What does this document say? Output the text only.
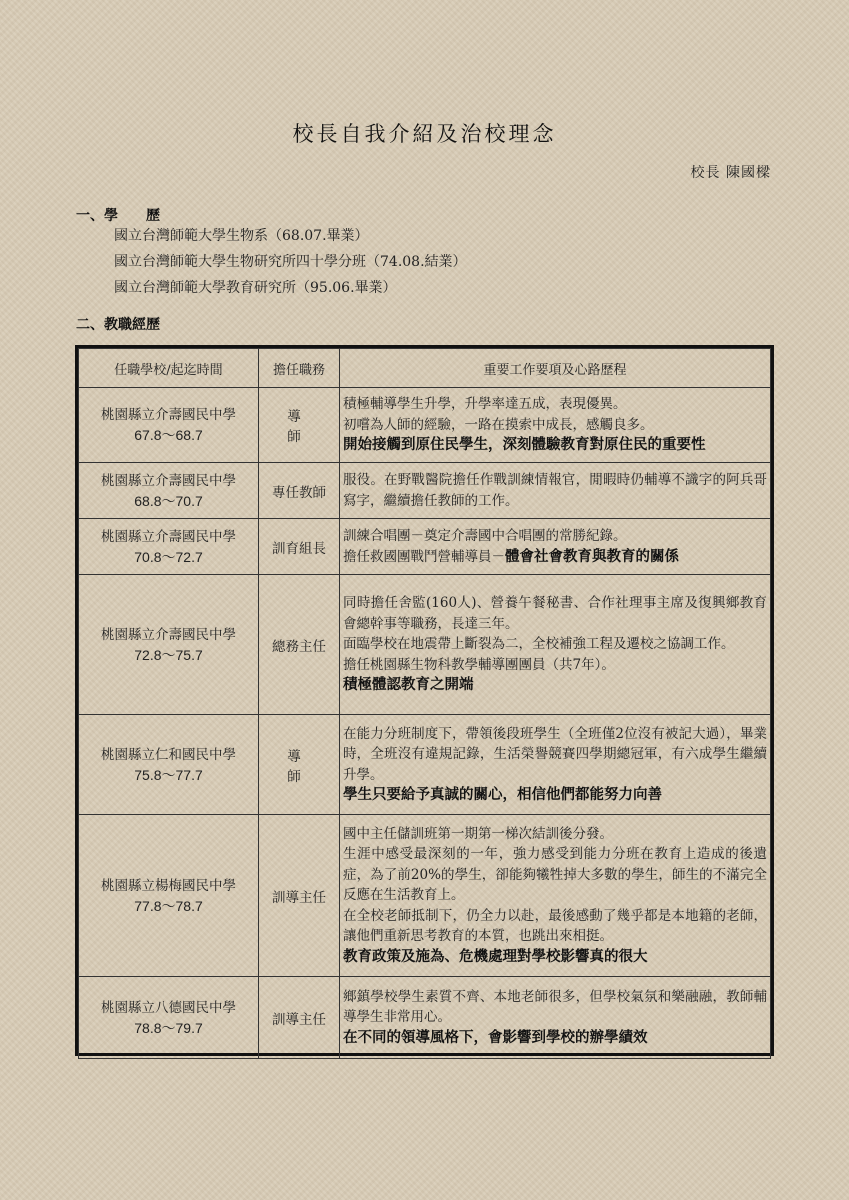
校長自我介紹及治校理念
校長 陳國樑
一、學　　歷
國立台灣師範大學生物系（68.07.畢業）
國立台灣師範大學生物研究所四十學分班（74.08.結業）
國立台灣師範大學教育研究所（95.06.畢業）
二、教職經歷
任職學校/起迄時間	擔任職務	重要工作要項及心路歷程

桃園縣立介壽國民中學
67.8～68.7	導　　師	積極輔導學生升學，升學率達五成，表現優異。
初嚐為人師的經驗，一路在摸索中成長，感觸良多。
開始接觸到原住民學生，深刻體驗教育對原住民的重要性

桃園縣立介壽國民中學
68.8～70.7	專任教師	服役。在野戰醫院擔任作戰訓練情報官，閒暇時仍輔導不識字的阿兵哥寫字，繼續擔任教師的工作。

桃園縣立介壽國民中學
70.8～72.7	訓育組長	訓練合唱團－奠定介壽國中合唱團的常勝紀錄。
擔任救國團戰鬥營輔導員－體會社會教育與教育的關係

桃園縣立介壽國民中學
72.8～75.7	總務主任	同時擔任舍監(160人)、營養午餐秘書、合作社理事主席及復興鄉教育會總幹事等職務，長達三年。
面臨學校在地震帶上斷裂為二，全校補強工程及遷校之協調工作。
擔任桃園縣生物科教學輔導團團員（共7年）。
積極體認教育之開端

桃園縣立仁和國民中學
75.8～77.7	導　　師	在能力分班制度下，帶領後段班學生（全班僅2位沒有被記大過），畢業時，全班沒有違規記錄，生活榮譽競賽四學期總冠軍，有六成學生繼續升學。
學生只要給予真誠的關心，相信他們都能努力向善

桃園縣立楊梅國民中學
77.8～78.7	訓導主任	國中主任儲訓班第一期第一梯次結訓後分發。
生涯中感受最深刻的一年，強力感受到能力分班在教育上造成的後遺症，為了前20%的學生，卻能夠犧牲掉大多數的學生，師生的不滿完全反應在生活教育上。
在全校老師抵制下，仍全力以赴，最後感動了幾乎都是本地籍的老師，讓他們重新思考教育的本質，也跳出來相挺。
教育政策及施為、危機處理對學校影響真的很大

桃園縣立八德國民中學
78.8～79.7	訓導主任	鄉鎮學校學生素質不齊、本地老師很多，但學校氣氛和樂融融，教師輔導學生非常用心。
在不同的領導風格下，會影響到學校的辦學績效
